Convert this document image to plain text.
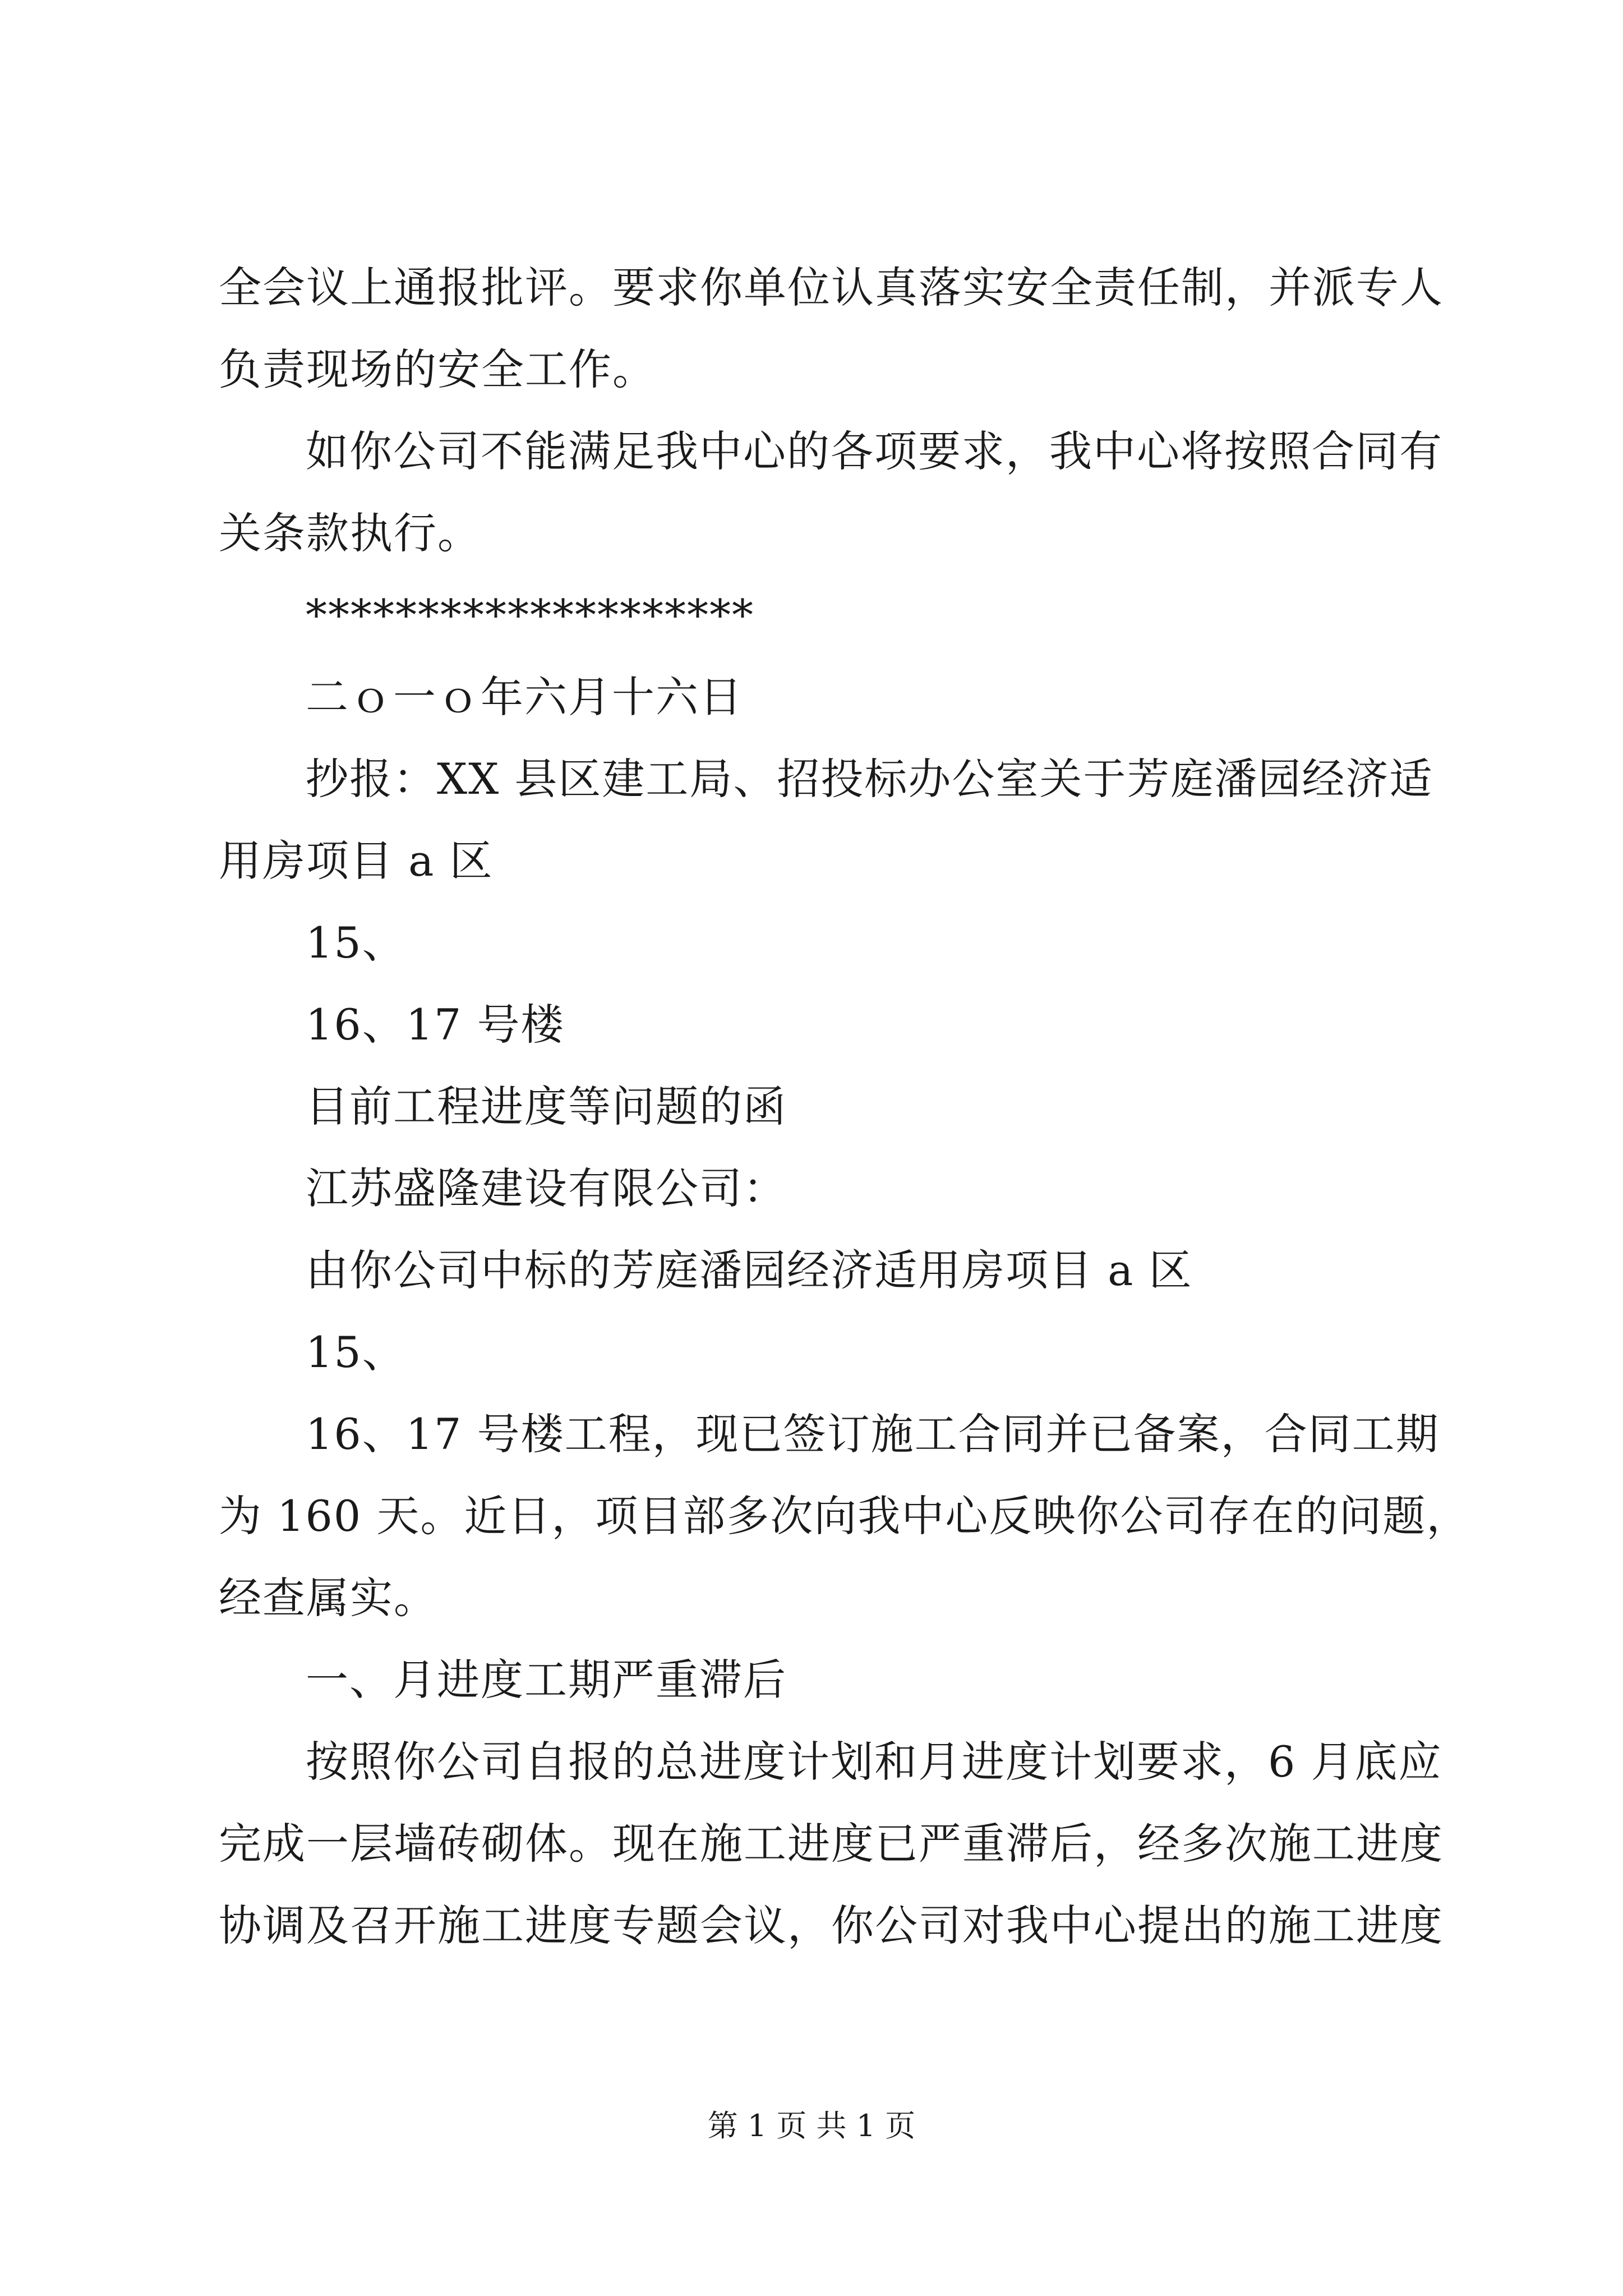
全会议上通报批评。要求你单位认真落实安全责任制，并派专人
负责现场的安全工作。
如你公司不能满足我中心的各项要求，我中心将按照合同有
关条款执行。
********************
二ｏ一ｏ年六月十六日
抄报：XX 县区建工局、招投标办公室关于芳庭潘园经济适
用房项目 a 区
15、
16、17 号楼
目前工程进度等问题的函
江苏盛隆建设有限公司：
由你公司中标的芳庭潘园经济适用房项目 a 区
15、
16、17 号楼工程，现已签订施工合同并已备案，合同工期
为 160 天。近日，项目部多次向我中心反映你公司存在的问题，
经查属实。
一、月进度工期严重滞后
按照你公司自报的总进度计划和月进度计划要求，6 月底应
完成一层墙砖砌体。现在施工进度已严重滞后，经多次施工进度
协调及召开施工进度专题会议，你公司对我中心提出的施工进度
第 1 页 共 1 页
